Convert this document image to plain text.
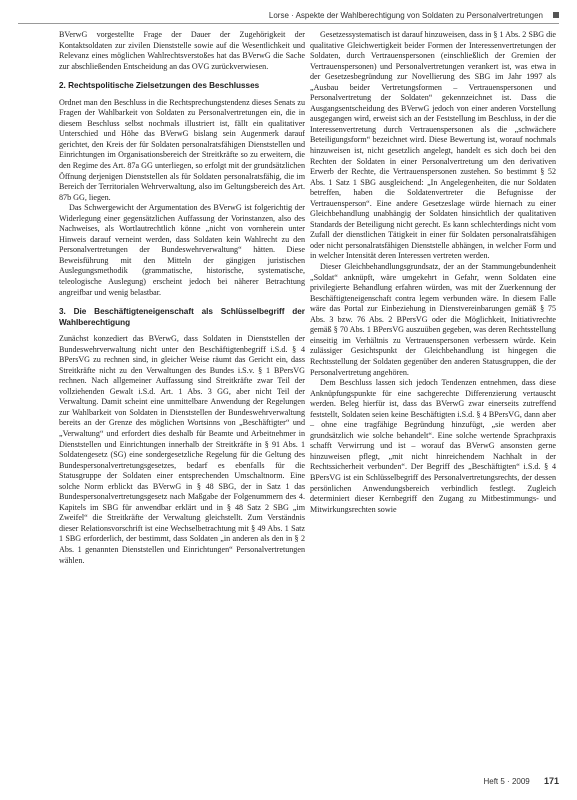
Lorse · Aspekte der Wahlberechtigung von Soldaten zu Personalvertretungen

BVerwG vorgestellte Frage der Dauer der Zugehörigkeit der Kontaktsoldaten zur zivilen Dienststelle sowie auf die Wesentlichkeit und Relevanz eines möglichen Wahlrechtsverstoßes hat das BVerwG die Sache zur abschließenden Entscheidung an das OVG zurückverwiesen.

2. Rechtspolitische Zielsetzungen des Beschlusses

Ordnet man den Beschluss in die Rechtsprechungstendenz dieses Senats zu Fragen der Wahlbarkeit von Soldaten zu Personalvertretungen ein, die in diesem Beschluss selbst nochmals illustriert ist, fällt ein qualitativer Unterschied und Höhe das BVerwG bislang sein Augenmerk darauf gerichtet, den Kreis der für Soldaten personalratsfähigen Dienststellen und Einrichtungen im Organisationsbereich der Streitkräfte so zu erweitern, die den Regime des Art. 87a GG unterliegen, so erfolgt mit der grundsätzlichen Öffnung derjenigen Dienststellen als für Soldaten personalratsfähig, die im Bereich der Territorialen Wehrverwaltung, also im Geltungsbereich des Art. 87b GG, liegen.

Das Schwergewicht der Argumentation des BVerwG ist folgerichtig der Widerlegung einer gegensätzlichen Auffassung der Vorinstanzen, also des Nachweises, als Wortlautrechtlich könne „nicht von vornherein unter Hinweis darauf verneint werden, dass Soldaten kein Wahlrecht zu den Personalvertretungen der Bundeswehrverwaltung“ hätten. Diese Beweisführung mit den Mitteln der gängigen juristischen Auslegungsmethodik (grammatische, historische, systematische, teleologische Auslegung) erscheint jedoch bei näherer Betrachtung angreifbar und wenig belastbar.

3. Die Beschäftigteneigenschaft als Schlüsselbegriff der Wahlberechtigung

Zunächst konzediert das BVerwG, dass Soldaten in Dienststellen der Bundeswehrverwaltung nicht unter den Beschäftigtenbegriff i.S.d. § 4 BPersVG zu rechnen sind, in gleicher Weise räumt das Gericht ein, dass Streitkräfte nicht zu den Verwaltungen des Bundes i.S.v. § 1 BPersVG rechnen. Nach allgemeiner Auffassung sind Streitkräfte zwar Teil der vollziehenden Gewalt i.S.d. Art. 1 Abs. 3 GG, aber nicht Teil der Verwaltung. Damit scheint eine unmittelbare Anwendung der Regelungen zur Wahlbarkeit von Soldaten in Dienststellen der Bundeswehrverwaltung bereits an der Grenze des möglichen Wortsinns von „Beschäftigter“ und „Verwaltung“ und erfordert dies deshalb für Beamte und Arbeitnehmer in Dienststellen und Einrichtungen innerhalb der Streitkräfte in § 91 Abs. 1 Soldatengesetz (SG) eine sondergesetzliche Regelung für die Geltung des Bundespersonalvertretungsgesetzes, bedarf es ebenfalls für die Statusgruppe der Soldaten einer entsprechenden Umschaltnorm. Eine solche Norm erblickt das BVerwG in § 48 SBG, der in Satz 1 das Bundespersonalvertretungsgesetz nach Maßgabe der Folgenummern des 4. Kapitels im SBG für anwendbar erklärt und in § 48 Satz 2 SBG „im Zweifel“ die Streitkräfte der Verwaltung gleichstellt. Zum Verständnis dieser Relationsvorschrift ist eine Wechselbetrachtung mit § 49 Abs. 1 Satz 1 SBG erforderlich, der bestimmt, dass Soldaten „in anderen als den in § 2 Abs. 1 genannten Dienststellen und Einrichtungen“ Personalvertretungen wählen.

Gesetzessystematisch ist darauf hinzuweisen, dass in § 1 Abs. 2 SBG die qualitative Gleichwertigkeit beider Formen der Interessenvertretungen der Soldaten, durch Vertrauenspersonen (einschließlich der Gremien der Vertrauenspersonen) und Personalvertretungen verankert ist, was etwa in der Gesetzesbegründung zur Novellierung des SBG im Jahr 1997 als „Ausbau beider Vertretungsformen – Vertrauenspersonen und Personalvertretung der Soldaten“ gekennzeichnet ist. Dass die Ausgangsentscheidung des BVerwG jedoch von einer anderen Vorstellung ausgegangen wird, erweist sich an der Feststellung im Beschluss, in der die Interessenvertretung durch Vertrauenspersonen als die „schwächere Beteiligungsform“ bezeichnet wird. Diese Bewertung ist, worauf nochmals hinzuweisen ist, nicht gesetzlich angelegt, handelt es sich doch bei den Rechten der Soldaten in einer Personalvertretung um den derivativen Erwerb der Rechte, die Vertrauenspersonen zustehen. So bestimmt § 52 Abs. 1 Satz 1 SBG ausgleichend: „In Angelegenheiten, die nur Soldaten betreffen, haben die Soldatenvertreter die Befugnisse der Vertrauensperson“. Eine andere Gesetzeslage würde hiernach zu einer Gleichbehandlung unabhängig der Soldaten hinsichtlich der qualitativen Standards der Beteiligung nicht gerecht. Es kann schlechterdings nicht vom Zufall der dienstlichen Tätigkeit in einer für Soldaten personalratsfähigen oder nicht personalratsfähigen Dienststelle abhängen, in welcher Form und in welcher Intensität deren Interessen vertreten werden.

Dieser Gleichbehandlungsgrundsatz, der an der Stammungebundenheit „Soldat“ anknüpft, wäre umgekehrt in Gefahr, wenn Soldaten eine privilegierte Behandlung erfahren würden, was mit der Zuerkennung der Beschäftigteneigenschaft contra legem verbunden wäre. In diesem Falle wäre das Portal zur Einbeziehung in Dienstvereinbarungen gemäß § 75 Abs. 3 bzw. 76 Abs. 2 BPersVG oder die Möglichkeit, Initiativrechte gemäß § 70 Abs. 1 BPersVG auszuüben gegeben, was deren Rechtsstellung einseitig im Verhältnis zu Vertrauenspersonen verbessern würde. Kein zulässiger Gesichtspunkt der Gleichbehandlung ist hingegen die Rechtsstellung der Soldaten gegenüber den anderen Statusgruppen, die der Personalvertretung angehören.

Dem Beschluss lassen sich jedoch Tendenzen entnehmen, dass diese Anknüpfungspunkte für eine sachgerechte Differenzierung vertauscht werden. Beleg hierfür ist, dass das BVerwG zwar einerseits zutreffend feststellt, Soldaten seien keine Beschäftigten i.S.d. § 4 BPersVG, dann aber – ohne eine tragfähige Begründung hinzufügt, „sie werden aber grundsätzlich wie solche behandelt“. Eine solche wertende Sprachpraxis schafft Verwirrung und ist – worauf das BVerwG ansonsten gerne hinzuweisen pflegt, „mit nicht hinreichendem Nachhalt in der Rechtssicherheit verbunden“. Der Begriff des „Beschäftigten“ i.S.d. § 4 BPersVG ist ein Schlüsselbegriff des Personalvertretungsrechts, der dessen persönlichen Anwendungsbereich verbindlich festlegt. Zugleich determiniert dieser Kernbegriff den Zugang zu Mitbestimmungs- und Mitwirkungsrechten sowie

Heft 5 · 2009 171
